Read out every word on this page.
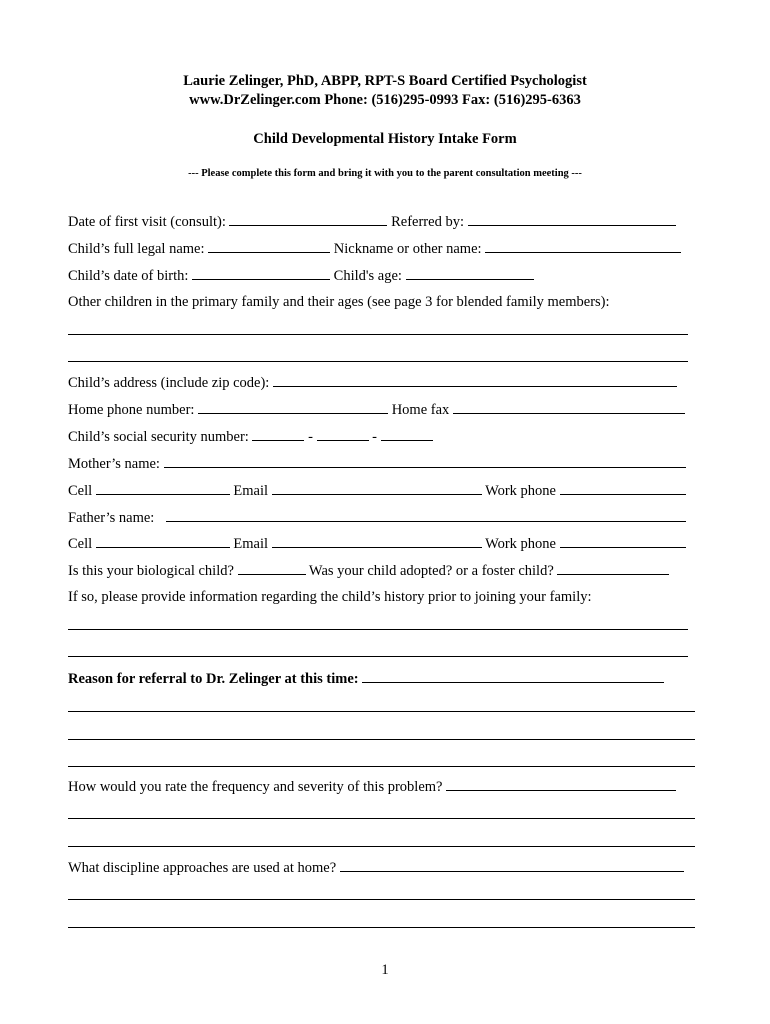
Laurie Zelinger, PhD, ABPP, RPT-S Board Certified Psychologist
www.DrZelinger.com Phone: (516)295-0993 Fax: (516)295-6363
Child Developmental History Intake Form
--- Please complete this form and bring it with you to the parent consultation meeting ---
Date of first visit (consult):	Referred by:
Child’s full legal name:	Nickname or other name:
Child’s date of birth:	Child's age:
Other children in the primary family and their ages (see page 3 for blended family members):
Child’s address (include zip code):
Home phone number:	Home fax
Child’s social security number:	-	-
Mother’s name:
Cell	Email	Work phone
Father’s name:
Cell	Email	Work phone
Is this your biological child?	Was your child adopted? or a foster child?
If so, please provide information regarding the child’s history prior to joining your family:
Reason for referral to Dr. Zelinger at this time:
How would you rate the frequency and severity of this problem?
What discipline approaches are used at home?
1
